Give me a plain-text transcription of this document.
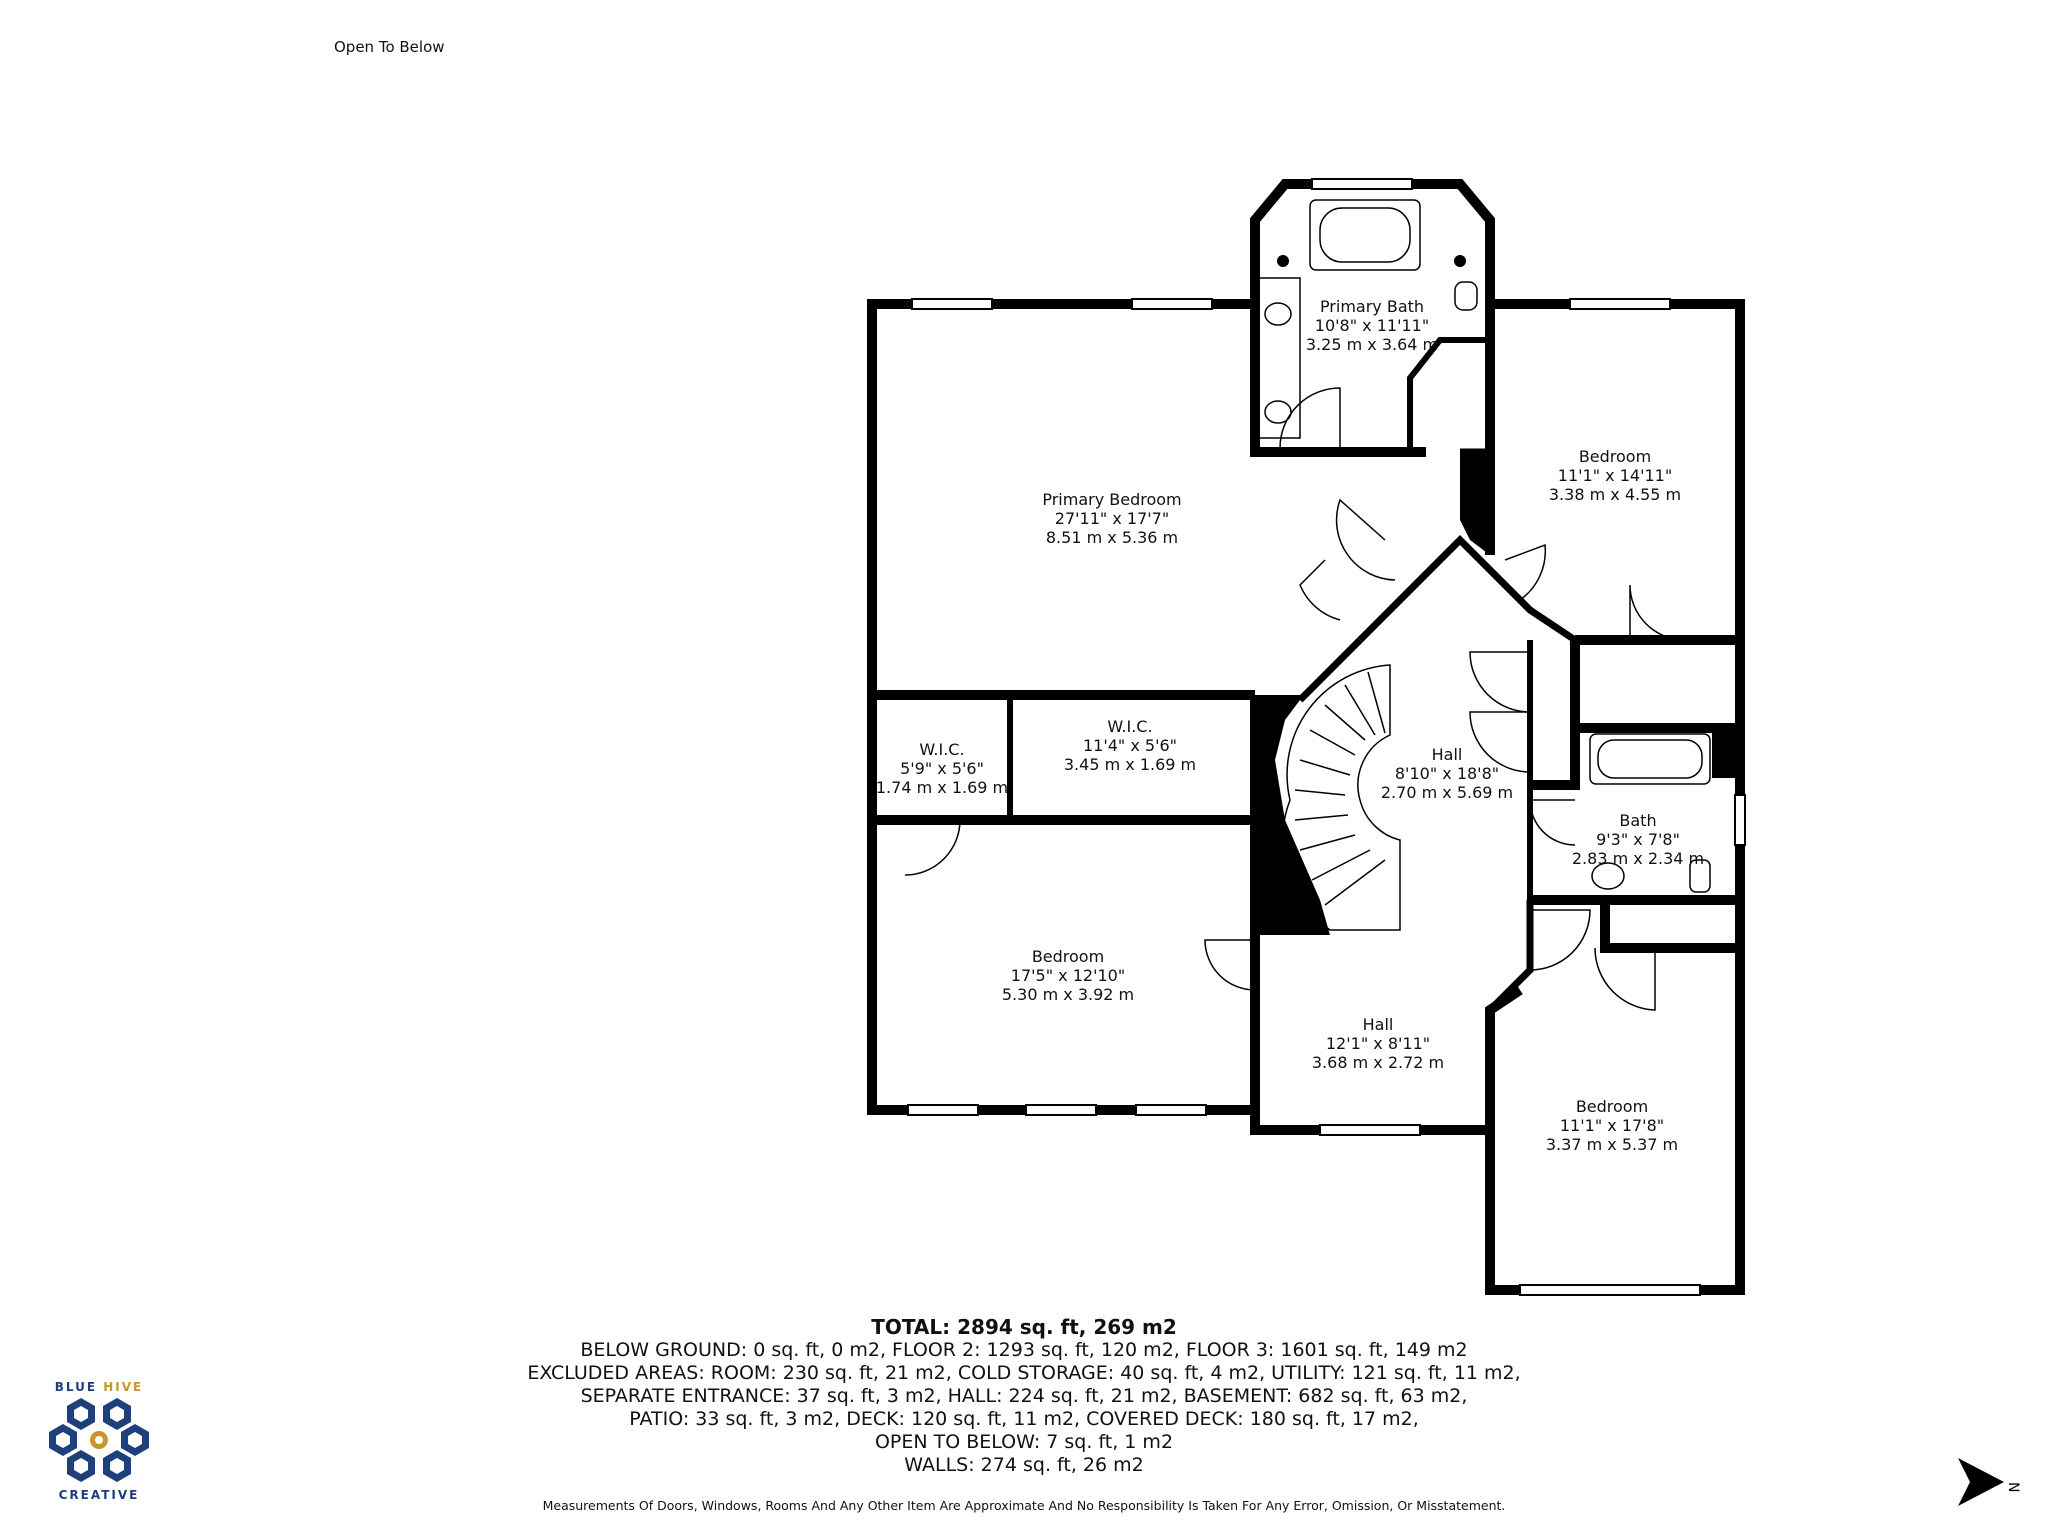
Open To Below
Primary Bath
10'8" x 11'11"
3.25 m x 3.64 m
Primary Bedroom
27'11" x 17'7"
8.51 m x 5.36 m
Bedroom
11'1" x 14'11"
3.38 m x 4.55 m
W.I.C.
5'9" x 5'6"
1.74 m x 1.69 m
W.I.C.
11'4" x 5'6"
3.45 m x 1.69 m
Hall
8'10" x 18'8"
2.70 m x 5.69 m
Bath
9'3" x 7'8"
2.83 m x 2.34 m
Bedroom
17'5" x 12'10"
5.30 m x 3.92 m
Hall
12'1" x 8'11"
3.68 m x 2.72 m
Bedroom
11'1" x 17'8"
3.37 m x 5.37 m
TOTAL: 2894 sq. ft, 269 m2
BELOW GROUND: 0 sq. ft, 0 m2, FLOOR 2: 1293 sq. ft, 120 m2, FLOOR 3: 1601 sq. ft, 149 m2
EXCLUDED AREAS: ROOM: 230 sq. ft, 21 m2, COLD STORAGE: 40 sq. ft, 4 m2, UTILITY: 121 sq. ft, 11 m2,
SEPARATE ENTRANCE: 37 sq. ft, 3 m2, HALL: 224 sq. ft, 21 m2, BASEMENT: 682 sq. ft, 63 m2,
PATIO: 33 sq. ft, 3 m2, DECK: 120 sq. ft, 11 m2, COVERED DECK: 180 sq. ft, 17 m2,
OPEN TO BELOW: 7 sq. ft, 1 m2
WALLS: 274 sq. ft, 26 m2
Measurements Of Doors, Windows, Rooms And Any Other Item Are Approximate And No Responsibility Is Taken For Any Error, Omission, Or Misstatement.
BLUE HIVE
CREATIVE
N
